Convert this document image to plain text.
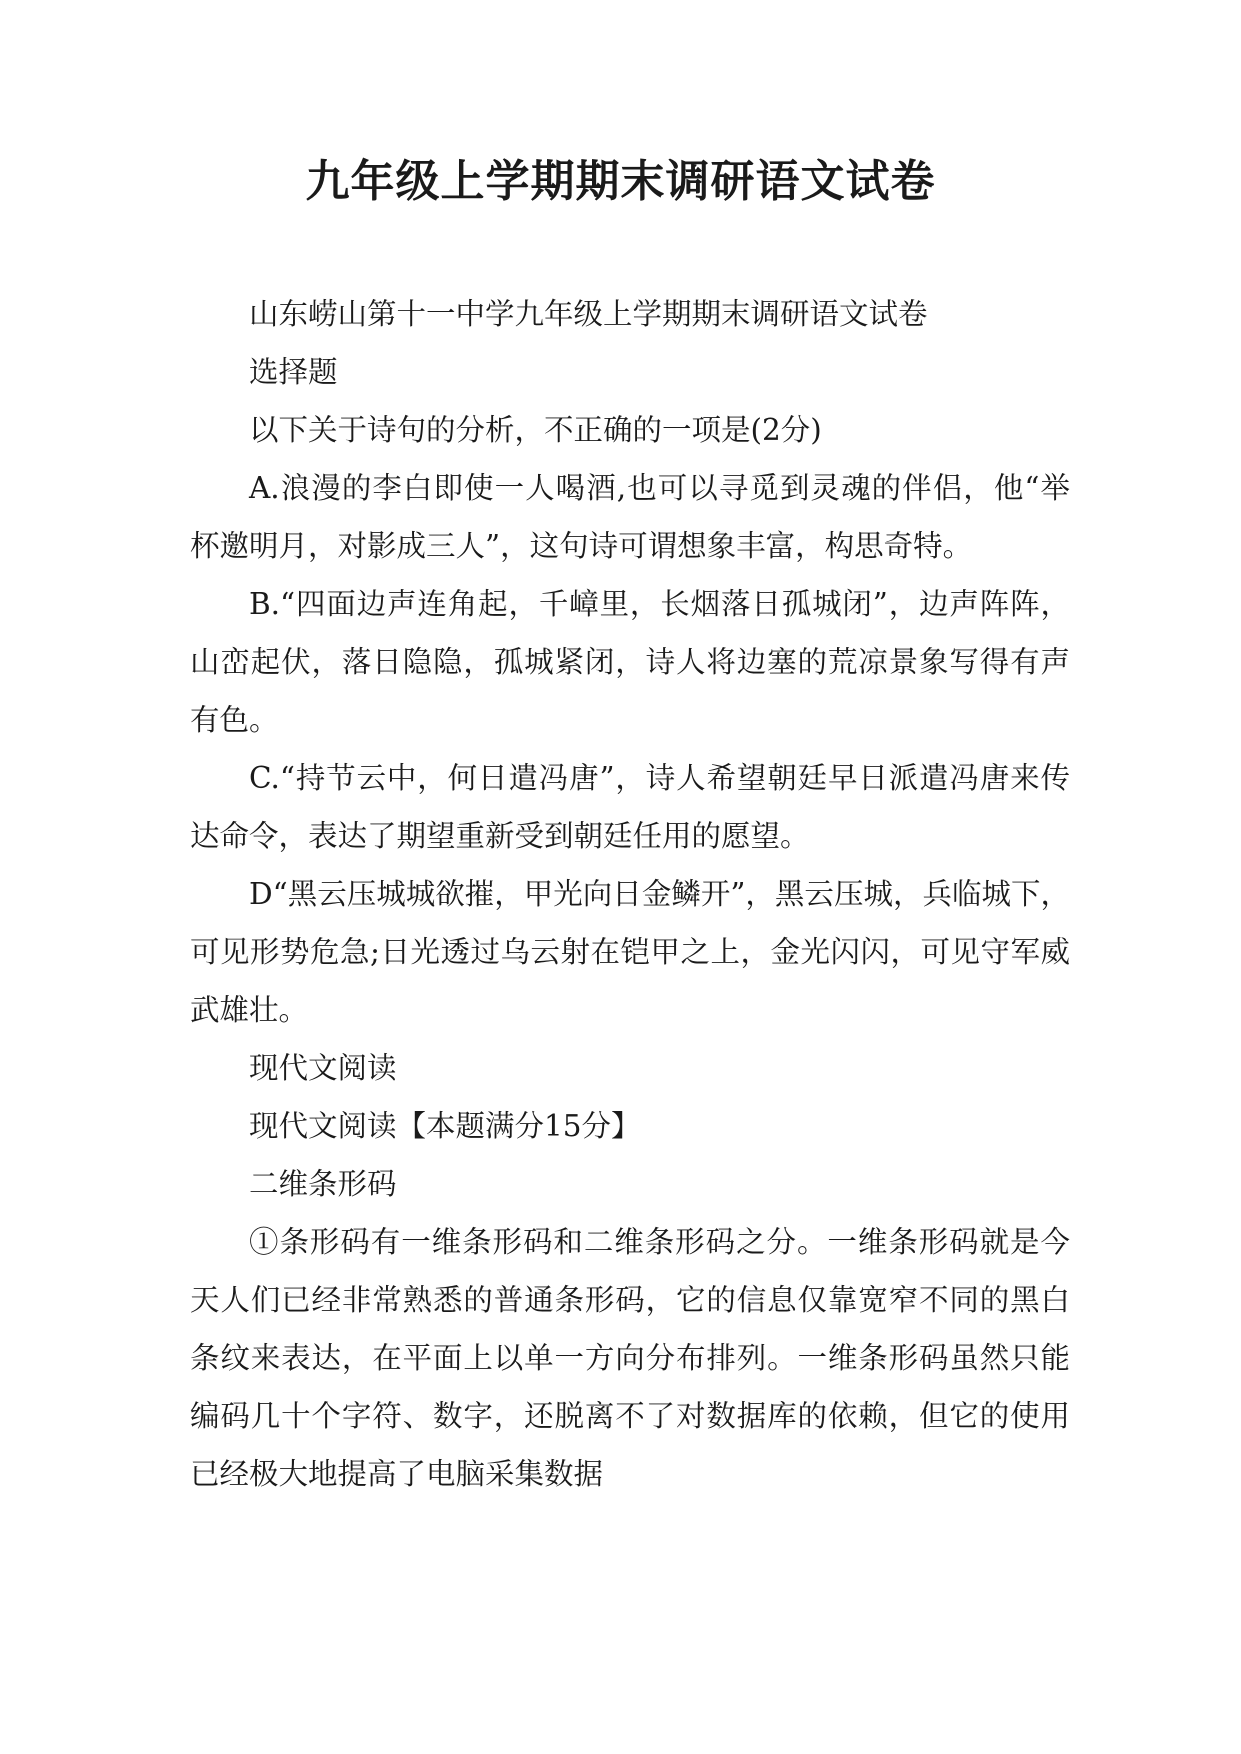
九年级上学期期末调研语文试卷

山东崂山第十一中学九年级上学期期末调研语文试卷

选择题

以下关于诗句的分析，不正确的一项是(2分)

A.浪漫的李白即使一人喝酒,也可以寻觅到灵魂的伴侣，他“举杯邀明月，对影成三人”，这句诗可谓想象丰富，构思奇特。

B.“四面边声连角起，千嶂里，长烟落日孤城闭”，边声阵阵，山峦起伏，落日隐隐，孤城紧闭，诗人将边塞的荒凉景象写得有声有色。

C.“持节云中，何日遣冯唐”，诗人希望朝廷早日派遣冯唐来传达命令，表达了期望重新受到朝廷任用的愿望。

D“黑云压城城欲摧，甲光向日金鳞开”，黑云压城，兵临城下，可见形势危急;日光透过乌云射在铠甲之上，金光闪闪，可见守军威武雄壮。

现代文阅读

现代文阅读【本题满分15分】

二维条形码

①条形码有一维条形码和二维条形码之分。一维条形码就是今天人们已经非常熟悉的普通条形码，它的信息仅靠宽窄不同的黑白条纹来表达，在平面上以单一方向分布排列。一维条形码虽然只能编码几十个字符、数字，还脱离不了对数据库的依赖，但它的使用已经极大地提高了电脑采集数据
